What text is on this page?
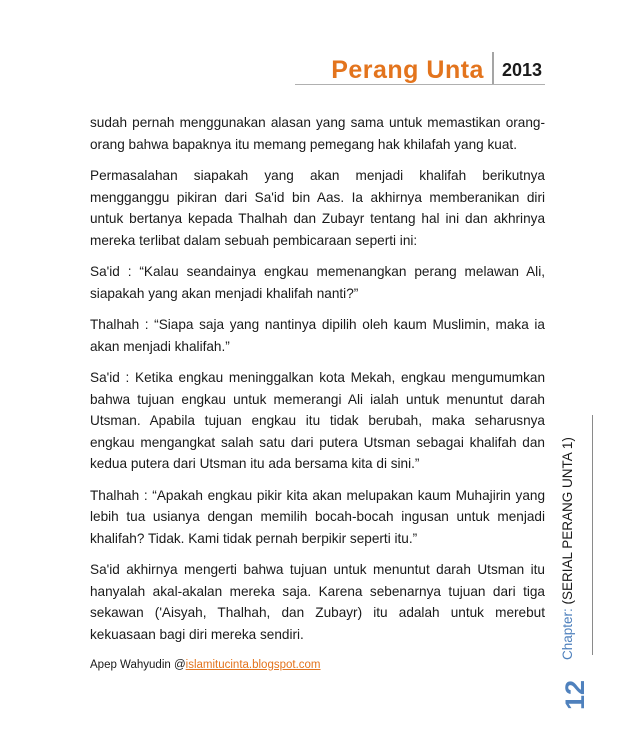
Perang Unta	2013

sudah pernah menggunakan alasan yang sama untuk memastikan orang-orang bahwa bapaknya itu memang pemegang hak khilafah yang kuat.

Permasalahan siapakah yang akan menjadi khalifah berikutnya mengganggu pikiran dari Sa'id bin Aas. Ia akhirnya memberanikan diri untuk bertanya kepada Thalhah dan Zubayr tentang hal ini dan akhrinya mereka terlibat dalam sebuah pembicaraan seperti ini:

Sa'id : “Kalau seandainya engkau memenangkan perang melawan Ali, siapakah yang akan menjadi khalifah nanti?”

Thalhah : “Siapa saja yang nantinya dipilih oleh kaum Muslimin, maka ia akan menjadi khalifah.”

Sa'id : Ketika engkau meninggalkan kota Mekah, engkau mengumumkan bahwa tujuan engkau untuk memerangi Ali ialah untuk menuntut darah Utsman. Apabila tujuan engkau itu tidak berubah, maka seharusnya engkau mengangkat salah satu dari putera Utsman sebagai khalifah dan kedua putera dari Utsman itu ada bersama kita di sini.”

Thalhah : “Apakah engkau pikir kita akan melupakan kaum Muhajirin yang lebih tua usianya dengan memilih bocah-bocah ingusan untuk menjadi khalifah? Tidak. Kami tidak pernah berpikir seperti itu.”

Sa'id akhirnya mengerti bahwa tujuan untuk menuntut darah Utsman itu hanyalah akal-akalan mereka saja. Karena sebenarnya tujuan dari tiga sekawan ('Aisyah, Thalhah, dan Zubayr) itu adalah untuk merebut kekuasaan bagi diri mereka sendiri.

Apep Wahyudin @islamitucinta.blogspot.com
Chapter: (SERIAL PERANG UNTA 1)
12
